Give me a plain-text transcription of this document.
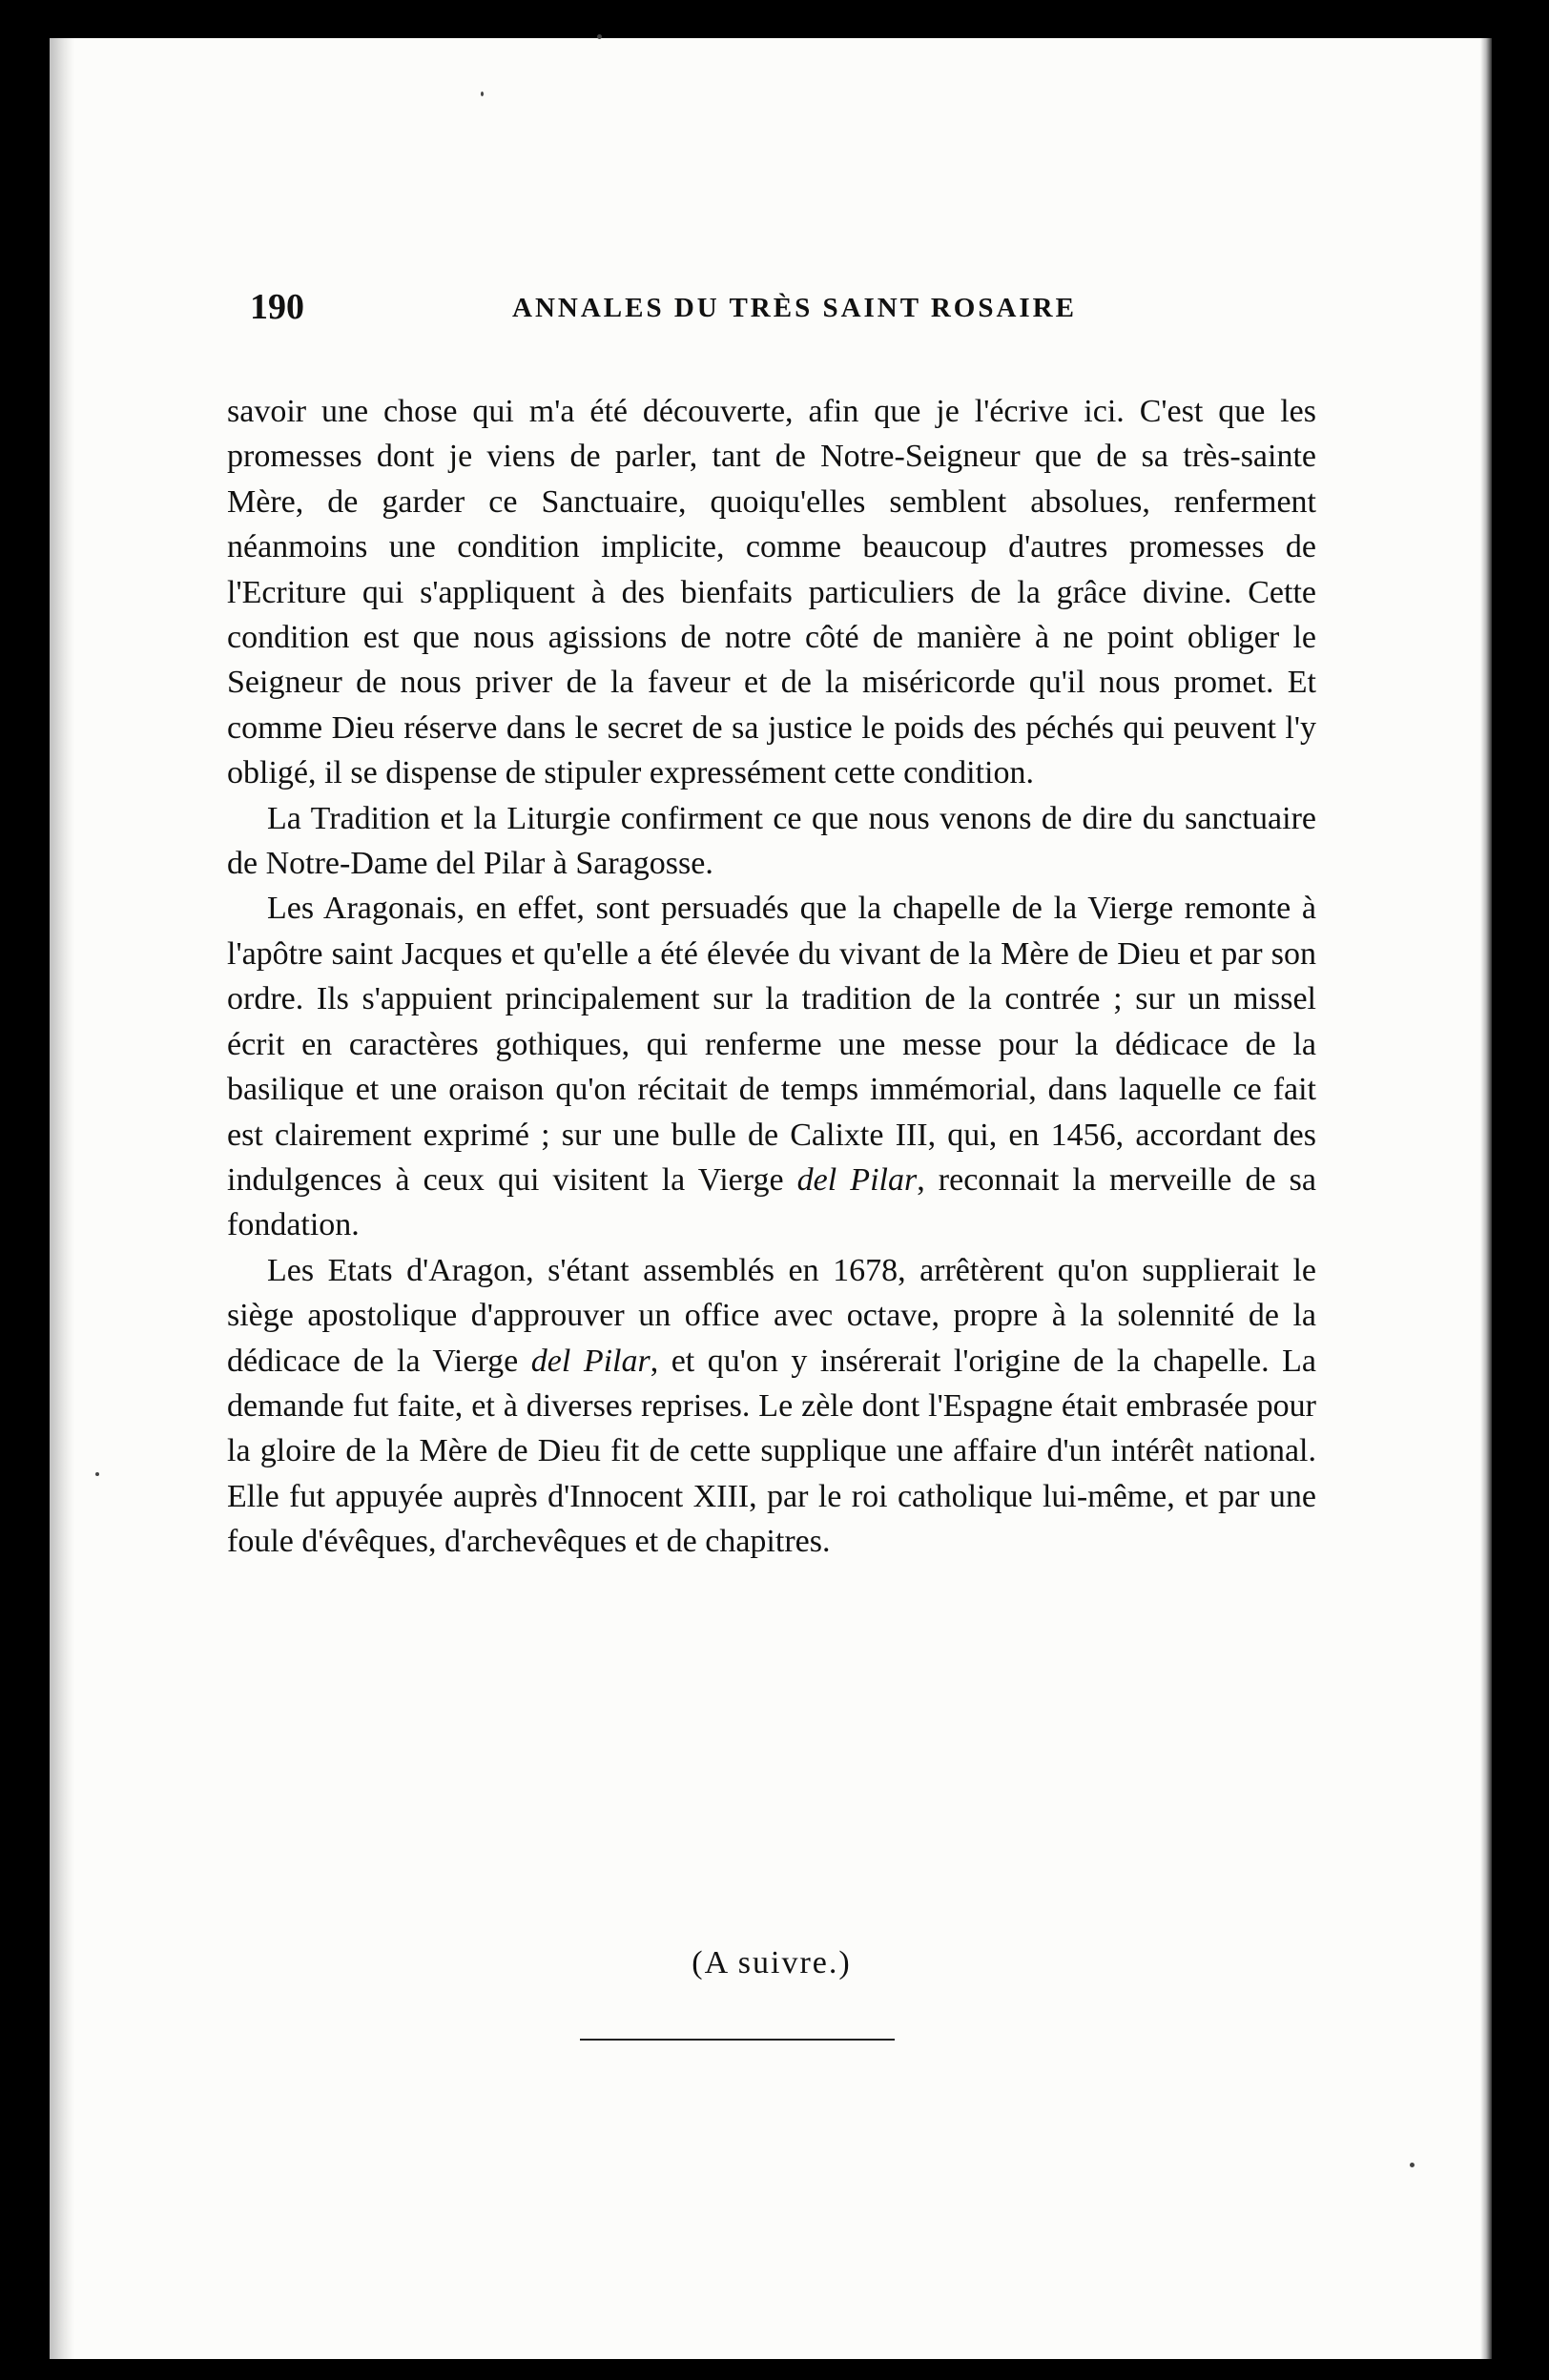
190	ANNALES DU TRÈS SAINT ROSAIRE

savoir une chose qui m'a été découverte, afin que je l'écrive ici. C'est que les promesses dont je viens de parler, tant de Notre-Seigneur que de sa très-sainte Mère, de garder ce Sanctuaire, quoiqu'elles semblent absolues, renferment néanmoins une condition implicite, comme beaucoup d'autres promesses de l'Ecriture qui s'appliquent à des bienfaits particuliers de la grâce divine. Cette condition est que nous agissions de notre côté de manière à ne point obliger le Seigneur de nous priver de la faveur et de la miséricorde qu'il nous promet. Et comme Dieu réserve dans le secret de sa justice le poids des péchés qui peuvent l'y obligé, il se dispense de stipuler expressément cette condition.

La Tradition et la Liturgie confirment ce que nous venons de dire du sanctuaire de Notre-Dame del Pilar à Saragosse.

Les Aragonais, en effet, sont persuadés que la chapelle de la Vierge remonte à l'apôtre saint Jacques et qu'elle a été élevée du vivant de la Mère de Dieu et par son ordre. Ils s'appuient principalement sur la tradition de la contrée ; sur un missel écrit en caractères gothiques, qui renferme une messe pour la dédicace de la basilique et une oraison qu'on récitait de temps immémorial, dans laquelle ce fait est clairement exprimé ; sur une bulle de Calixte III, qui, en 1456, accordant des indulgences à ceux qui visitent la Vierge del Pilar, reconnait la merveille de sa fondation.

Les Etats d'Aragon, s'étant assemblés en 1678, arrêtèrent qu'on supplierait le siège apostolique d'approuver un office avec octave, propre à la solennité de la dédicace de la Vierge del Pilar, et qu'on y insérerait l'origine de la chapelle. La demande fut faite, et à diverses reprises. Le zèle dont l'Espagne était embrasée pour la gloire de la Mère de Dieu fit de cette supplique une affaire d'un intérêt national. Elle fut appuyée auprès d'Innocent XIII, par le roi catholique lui-même, et par une foule d'évêques, d'archevêques et de chapitres.

(A suivre.)
